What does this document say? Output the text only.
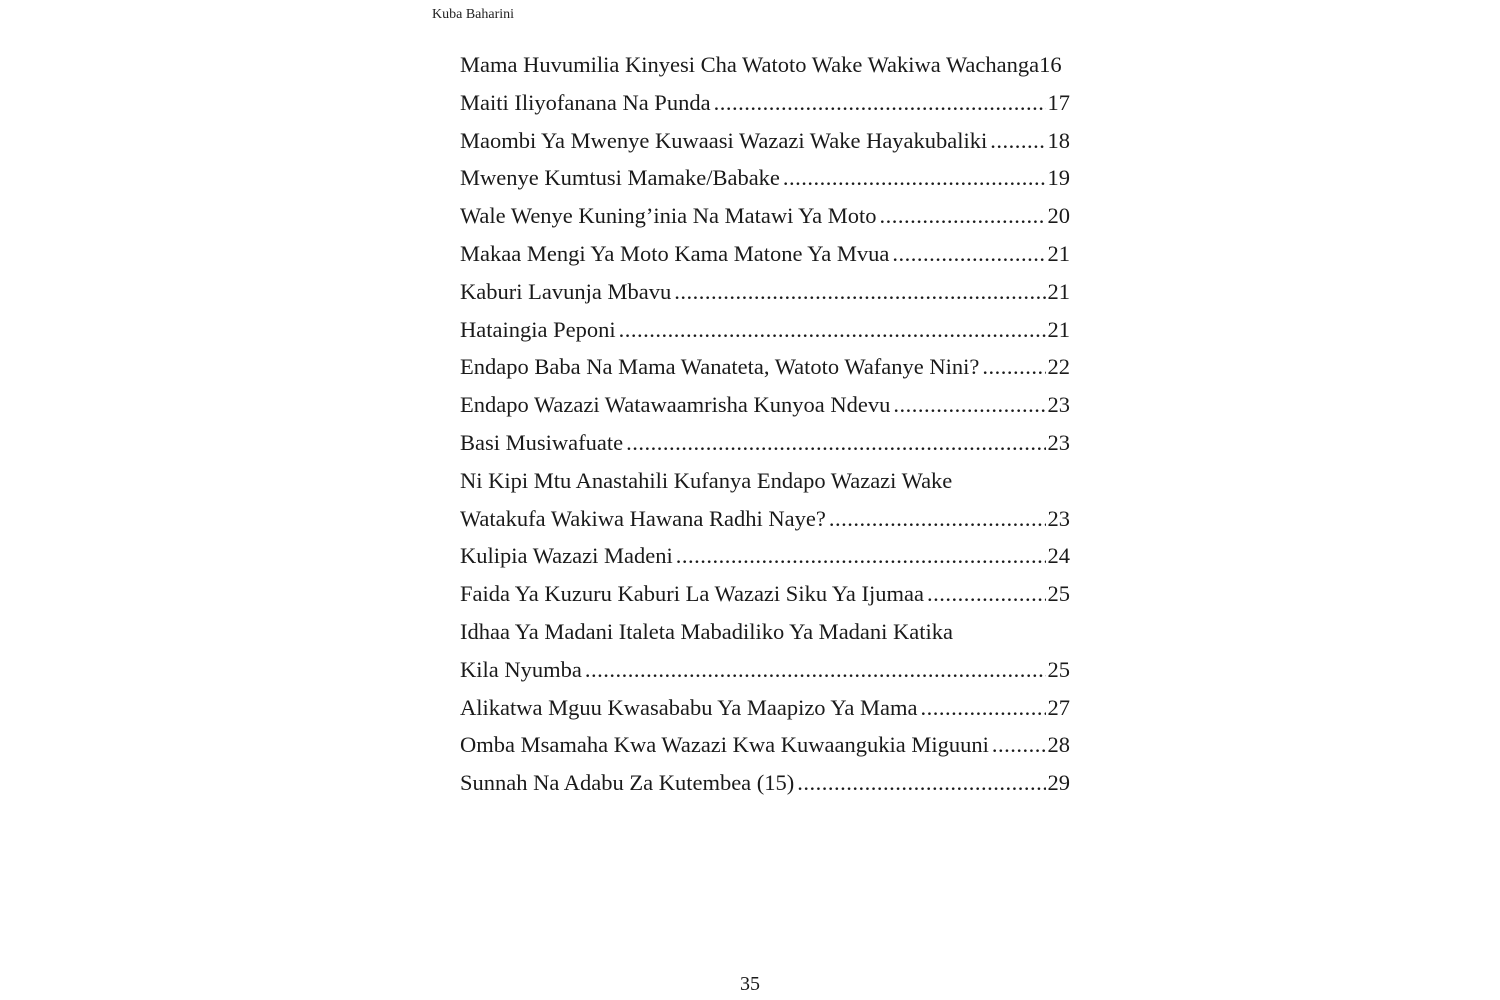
Kuba Baharini
Mama Huvumilia Kinyesi Cha Watoto Wake Wakiwa Wachanga 16
Maiti Iliyofanana Na Punda .....	17
Maombi Ya Mwenye Kuwaasi Wazazi Wake Hayakubaliki .....	18
Mwenye Kumtusi Mamake/Babake .....	19
Wale Wenye Kuning’inia Na Matawi Ya Moto .....	20
Makaa Mengi Ya Moto Kama Matone Ya Mvua .....	21
Kaburi Lavunja Mbavu .....	21
Hataingia Peponi .....	21
Endapo Baba Na Mama Wanateta, Watoto Wafanye Nini? .....	22
Endapo Wazazi Watawaamrisha Kunyoa Ndevu .....	23
Basi Musiwafuate .....	23
Ni Kipi Mtu Anastahili Kufanya Endapo Wazazi Wake
Watakufa Wakiwa Hawana Radhi Naye? .....	23
Kulipia Wazazi Madeni .....	24
Faida Ya Kuzuru Kaburi La Wazazi Siku Ya Ijumaa .....	25
Idhaa Ya Madani Italeta Mabadiliko Ya Madani Katika
Kila Nyumba .....	25
Alikatwa Mguu Kwasababu Ya Maapizo Ya Mama .....	27
Omba Msamaha Kwa Wazazi Kwa Kuwaangukia Miguuni .....	28
Sunnah Na Adabu Za Kutembea (15) .....	29
35
